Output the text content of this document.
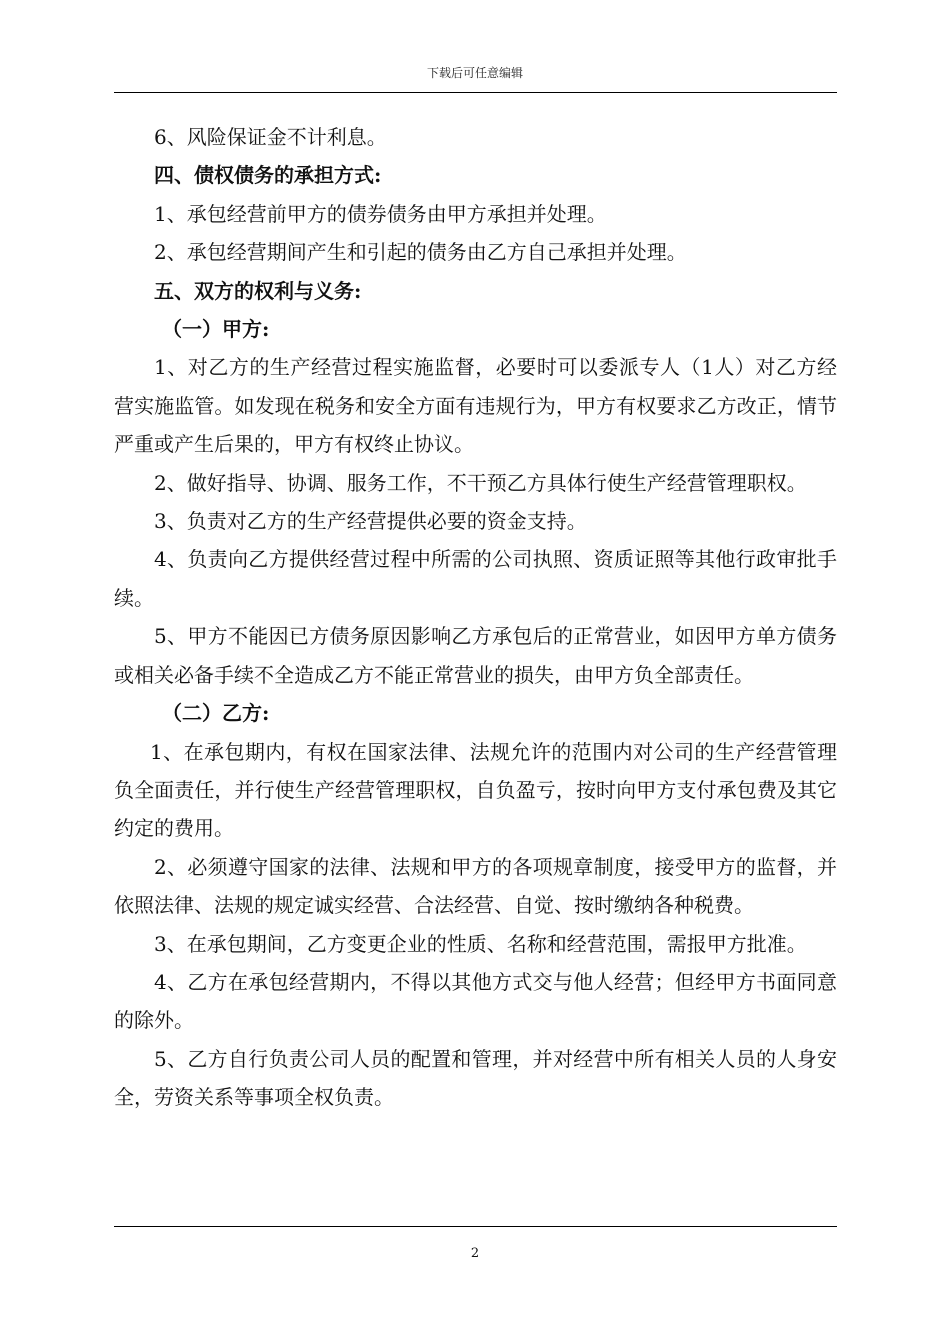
下载后可任意编辑

6、风险保证金不计利息。

四、债权债务的承担方式:

1、承包经营前甲方的债券债务由甲方承担并处理。

2、承包经营期间产生和引起的债务由乙方自己承担并处理。

五、双方的权利与义务:

（一）甲方:

1、对乙方的生产经营过程实施监督，必要时可以委派专人（1人）对乙方经营实施监管。如发现在税务和安全方面有违规行为，甲方有权要求乙方改正，情节严重或产生后果的，甲方有权终止协议。

2、做好指导、协调、服务工作，不干预乙方具体行使生产经营管理职权。

3、负责对乙方的生产经营提供必要的资金支持。

4、负责向乙方提供经营过程中所需的公司执照、资质证照等其他行政审批手续。

5、甲方不能因已方债务原因影响乙方承包后的正常营业，如因甲方单方债务或相关必备手续不全造成乙方不能正常营业的损失，由甲方负全部责任。

（二）乙方:

1、在承包期内，有权在国家法律、法规允许的范围内对公司的生产经营管理负全面责任，并行使生产经营管理职权，自负盈亏，按时向甲方支付承包费及其它约定的费用。

2、必须遵守国家的法律、法规和甲方的各项规章制度，接受甲方的监督，并依照法律、法规的规定诚实经营、合法经营、自觉、按时缴纳各种税费。

3、在承包期间，乙方变更企业的性质、名称和经营范围，需报甲方批准。

4、乙方在承包经营期内，不得以其他方式交与他人经营；但经甲方书面同意的除外。

5、乙方自行负责公司人员的配置和管理，并对经营中所有相关人员的人身安全，劳资关系等事项全权负责。

2
